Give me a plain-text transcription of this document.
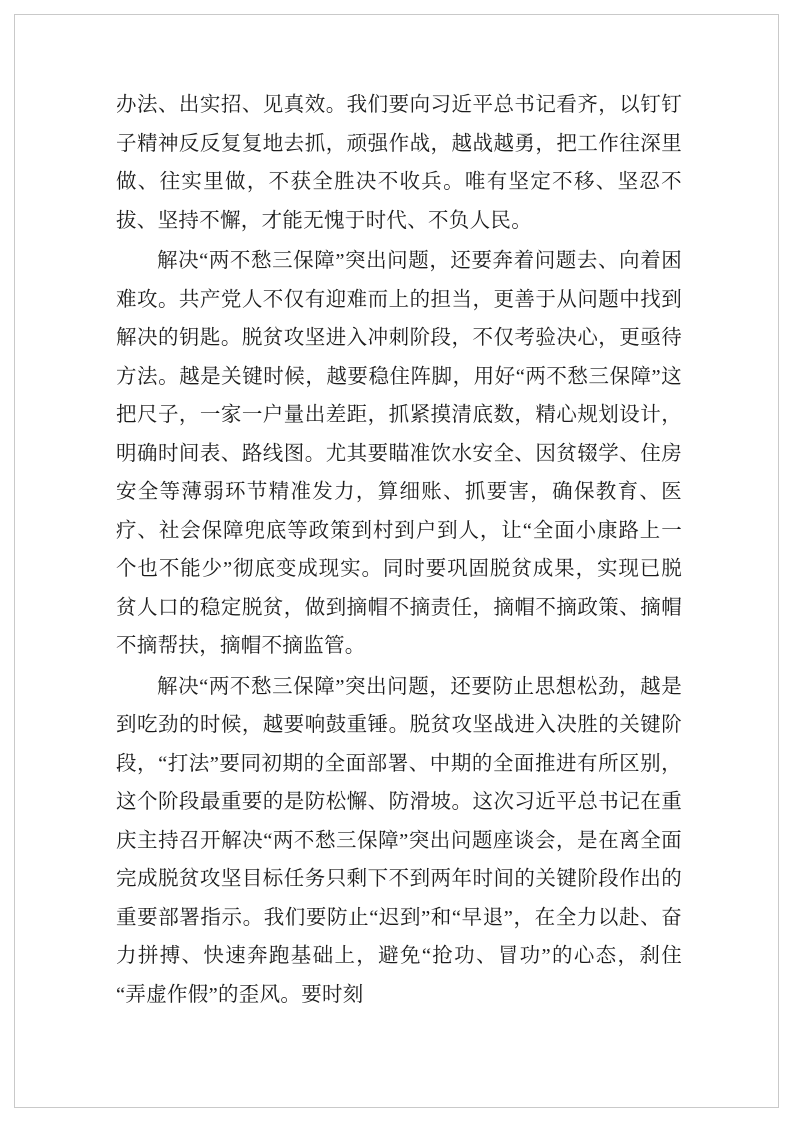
办法、出实招、见真效。我们要向习近平总书记看齐，以钉钉子精神反反复复地去抓，顽强作战，越战越勇，把工作往深里做、往实里做，不获全胜决不收兵。唯有坚定不移、坚忍不拔、坚持不懈，才能无愧于时代、不负人民。

解决“两不愁三保障”突出问题，还要奔着问题去、向着困难攻。共产党人不仅有迎难而上的担当，更善于从问题中找到解决的钥匙。脱贫攻坚进入冲刺阶段，不仅考验决心，更亟待方法。越是关键时候，越要稳住阵脚，用好“两不愁三保障”这把尺子，一家一户量出差距，抓紧摸清底数，精心规划设计，明确时间表、路线图。尤其要瞄准饮水安全、因贫辍学、住房安全等薄弱环节精准发力，算细账、抓要害，确保教育、医疗、社会保障兜底等政策到村到户到人，让“全面小康路上一个也不能少”彻底变成现实。同时要巩固脱贫成果，实现已脱贫人口的稳定脱贫，做到摘帽不摘责任，摘帽不摘政策、摘帽不摘帮扶，摘帽不摘监管。

解决“两不愁三保障”突出问题，还要防止思想松劲，越是到吃劲的时候，越要响鼓重锤。脱贫攻坚战进入决胜的关键阶段，“打法”要同初期的全面部署、中期的全面推进有所区别，这个阶段最重要的是防松懈、防滑坡。这次习近平总书记在重庆主持召开解决“两不愁三保障”突出问题座谈会，是在离全面完成脱贫攻坚目标任务只剩下不到两年时间的关键阶段作出的重要部署指示。我们要防止“迟到”和“早退”，在全力以赴、奋力拼搏、快速奔跑基础上，避免“抢功、冒功”的心态，刹住“弄虚作假”的歪风。要时刻
